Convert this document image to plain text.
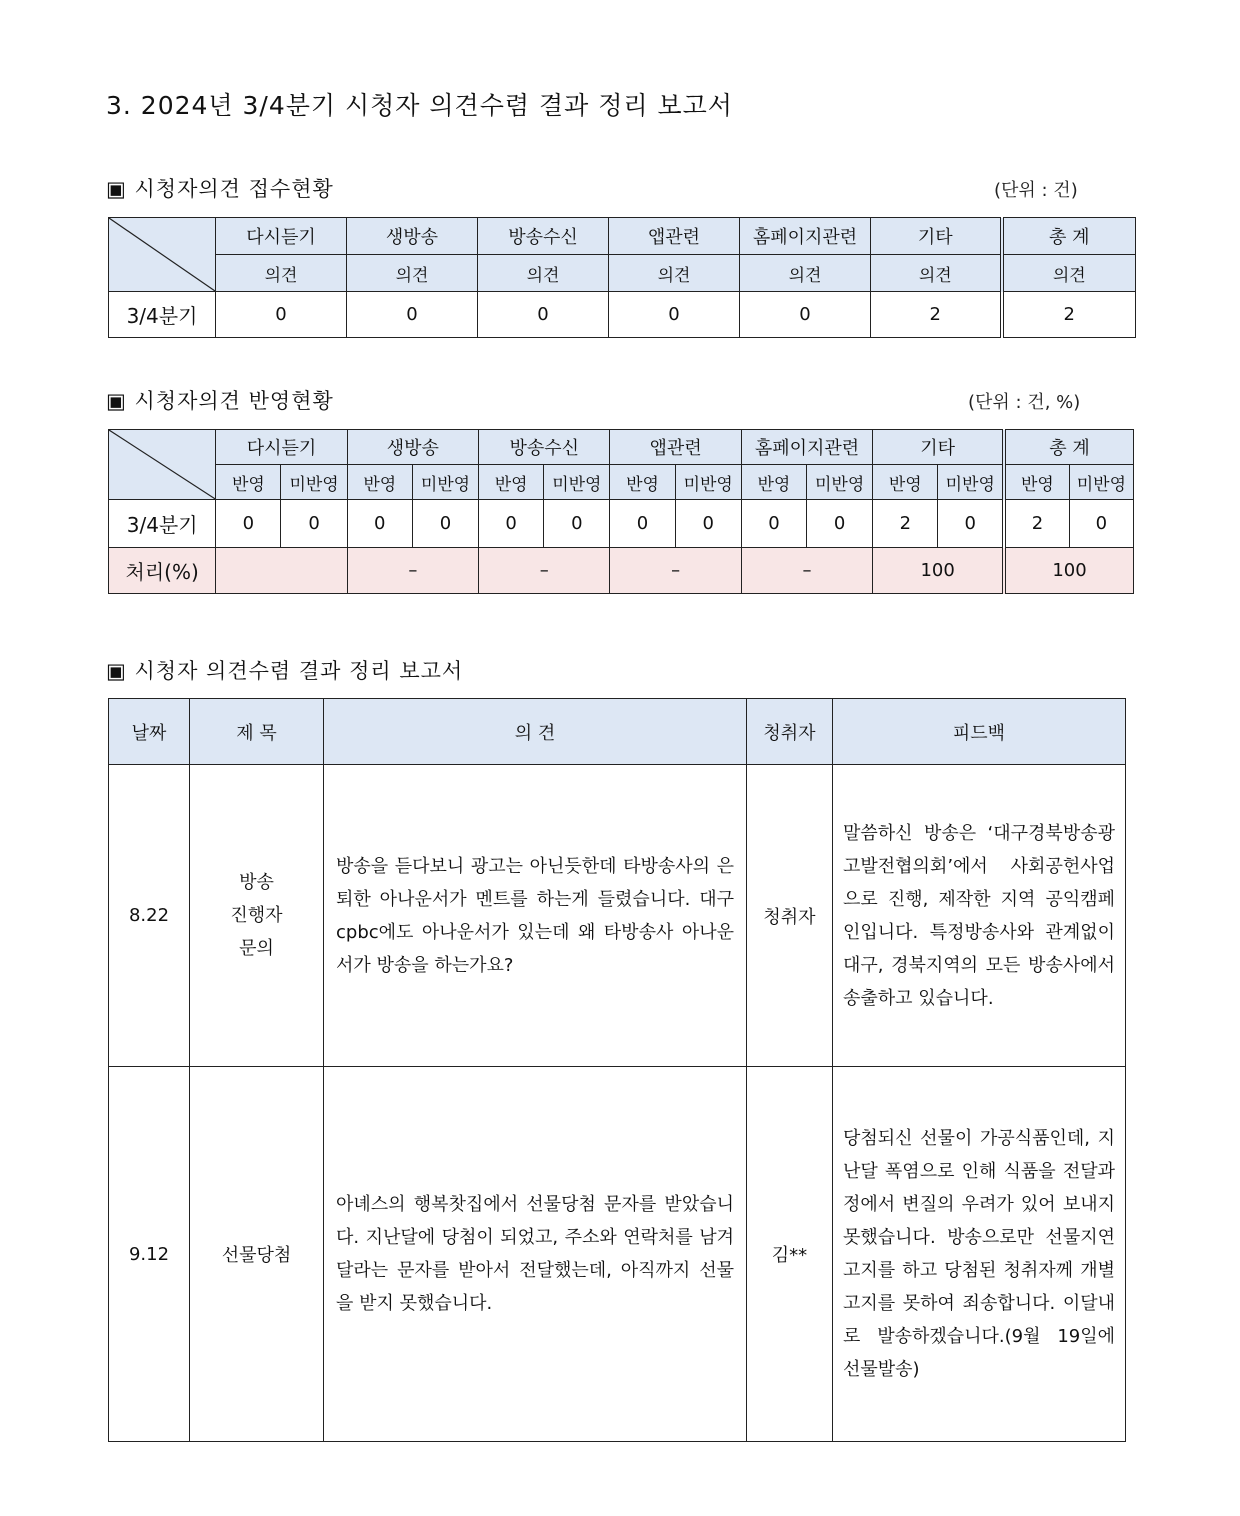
3. 2024년 3/4분기 시청자 의견수렴 결과 정리 보고서
▣ 시청자의견 접수현황	(단위 : 건)
	다시듣기	생방송	방송수신	앱관련	홈페이지관련	기타	총 계
	의견	의견	의견	의견	의견	의견	의견
3/4분기	0	0	0	0	0	2	2
▣ 시청자의견 반영현황	(단위 : 건, %)
	다시듣기		생방송		방송수신		앱관련		홈페이지관련		기타		총 계	
	반영	미반영	반영	미반영	반영	미반영	반영	미반영	반영	미반영	반영	미반영	반영	미반영
3/4분기	0	0	0	0	0	0	0	0	0	0	2	0	2	0
처리(%)			–		–		–		–		100		100	
▣ 시청자 의견수렴 결과 정리 보고서
날짜	제 목	의 견	청취자	피드백
8.22	방송
진행자
문의	방송을 듣다보니 광고는 아닌듯한데 타방송사의 은퇴한 아나운서가 멘트를 하는게 들렸습니다. 대구cpbc에도 아나운서가 있는데 왜 타방송사 아나운서가 방송을 하는가요?	청취자	말씀하신 방송은 ‘대구경북방송광고발전협의회’에서 사회공헌사업으로 진행, 제작한 지역 공익캠페인입니다. 특정방송사와 관계없이 대구, 경북지역의 모든 방송사에서 송출하고 있습니다.
9.12	선물당첨	아녜스의 행복찻집에서 선물당첨 문자를 받았습니다. 지난달에 당첨이 되었고, 주소와 연락처를 남겨달라는 문자를 받아서 전달했는데, 아직까지 선물을 받지 못했습니다.	김**	당첨되신 선물이 가공식품인데, 지난달 폭염으로 인해 식품을 전달과정에서 변질의 우려가 있어 보내지 못했습니다. 방송으로만 선물지연 고지를 하고 당첨된 청취자께 개별 고지를 못하여 죄송합니다. 이달내로 발송하겠습니다.(9월 19일에 선물발송)
